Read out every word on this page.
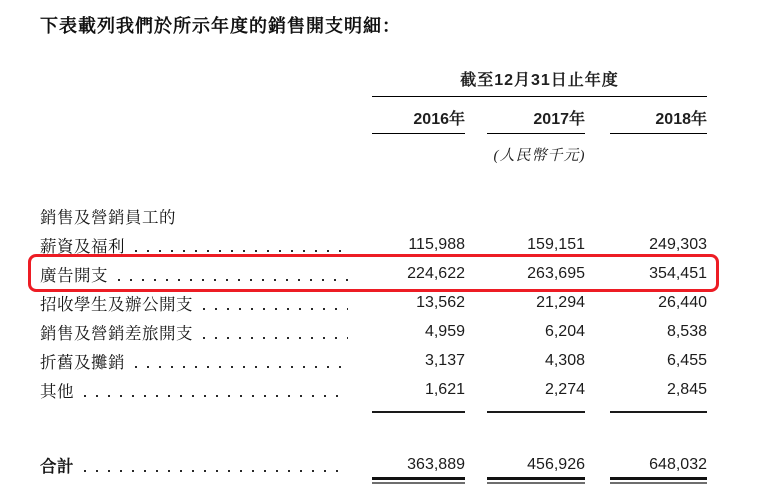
下表載列我們於所示年度的銷售開支明細：
截至12月31日止年度
2016年	2017年	2018年
(人民幣千元)
銷售及營銷員工的
薪資及福利	115,988	159,151	249,303
廣告開支	224,622	263,695	354,451
招收學生及辦公開支	13,562	21,294	26,440
銷售及營銷差旅開支	4,959	6,204	8,538
折舊及攤銷	3,137	4,308	6,455
其他	1,621	2,274	2,845
合計	363,889	456,926	648,032
